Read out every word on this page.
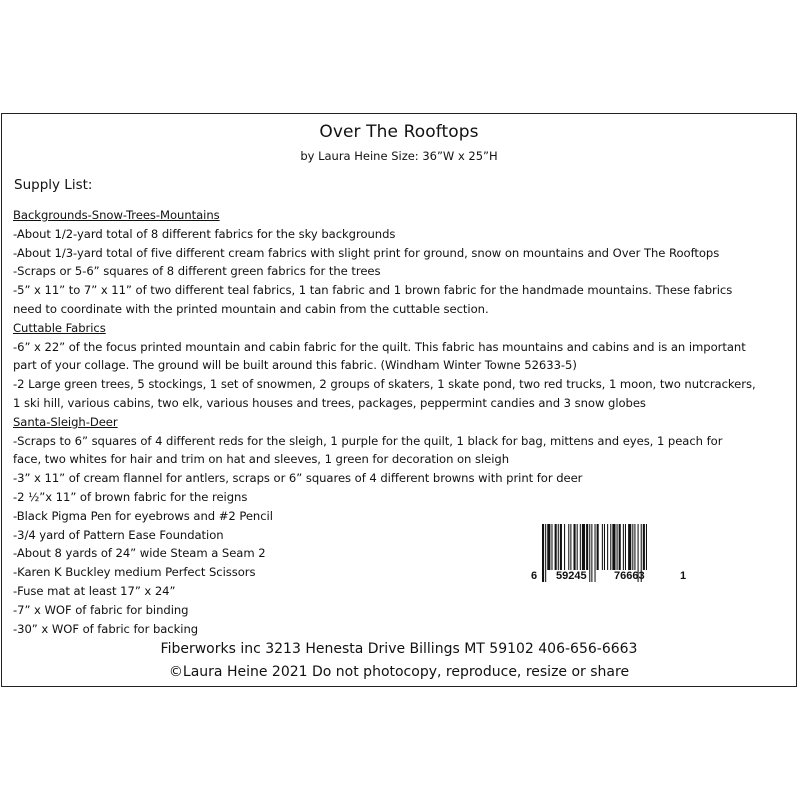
Over The Rooftops
by Laura Heine Size: 36”W x 25”H
Supply List:
Backgrounds-Snow-Trees-Mountains
-About 1/2-yard total of 8 different fabrics for the sky backgrounds
-About 1/3-yard total of five different cream fabrics with slight print for ground, snow on mountains and Over The Rooftops
-Scraps or 5-6” squares of 8 different green fabrics for the trees
-5” x 11” to 7” x 11” of two different teal fabrics, 1 tan fabric and 1 brown fabric for the handmade mountains. These fabrics
need to coordinate with the printed mountain and cabin from the cuttable section.
Cuttable Fabrics
-6” x 22” of the focus printed mountain and cabin fabric for the quilt. This fabric has mountains and cabins and is an important
part of your collage. The ground will be built around this fabric. (Windham Winter Towne 52633-5)
-2 Large green trees, 5 stockings, 1 set of snowmen, 2 groups of skaters, 1 skate pond, two red trucks, 1 moon, two nutcrackers,
1 ski hill, various cabins, two elk, various houses and trees, packages, peppermint candies and 3 snow globes
Santa-Sleigh-Deer
-Scraps to 6” squares of 4 different reds for the sleigh, 1 purple for the quilt, 1 black for bag, mittens and eyes, 1 peach for
face, two whites for hair and trim on hat and sleeves, 1 green for decoration on sleigh
-3” x 11” of cream flannel for antlers, scraps or 6” squares of 4 different browns with print for deer
-2 ½”x 11” of brown fabric for the reigns
-Black Pigma Pen for eyebrows and #2 Pencil
-3/4 yard of Pattern Ease Foundation
-About 8 yards of 24” wide Steam a Seam 2
-Karen K Buckley medium Perfect Scissors
-Fuse mat at least 17” x 24”
-7” x WOF of fabric for binding
-30” x WOF of fabric for backing
6 59245 76663	1
Fiberworks inc 3213 Henesta Drive Billings MT 59102 406-656-6663
©Laura Heine 2021 Do not photocopy, reproduce, resize or share
